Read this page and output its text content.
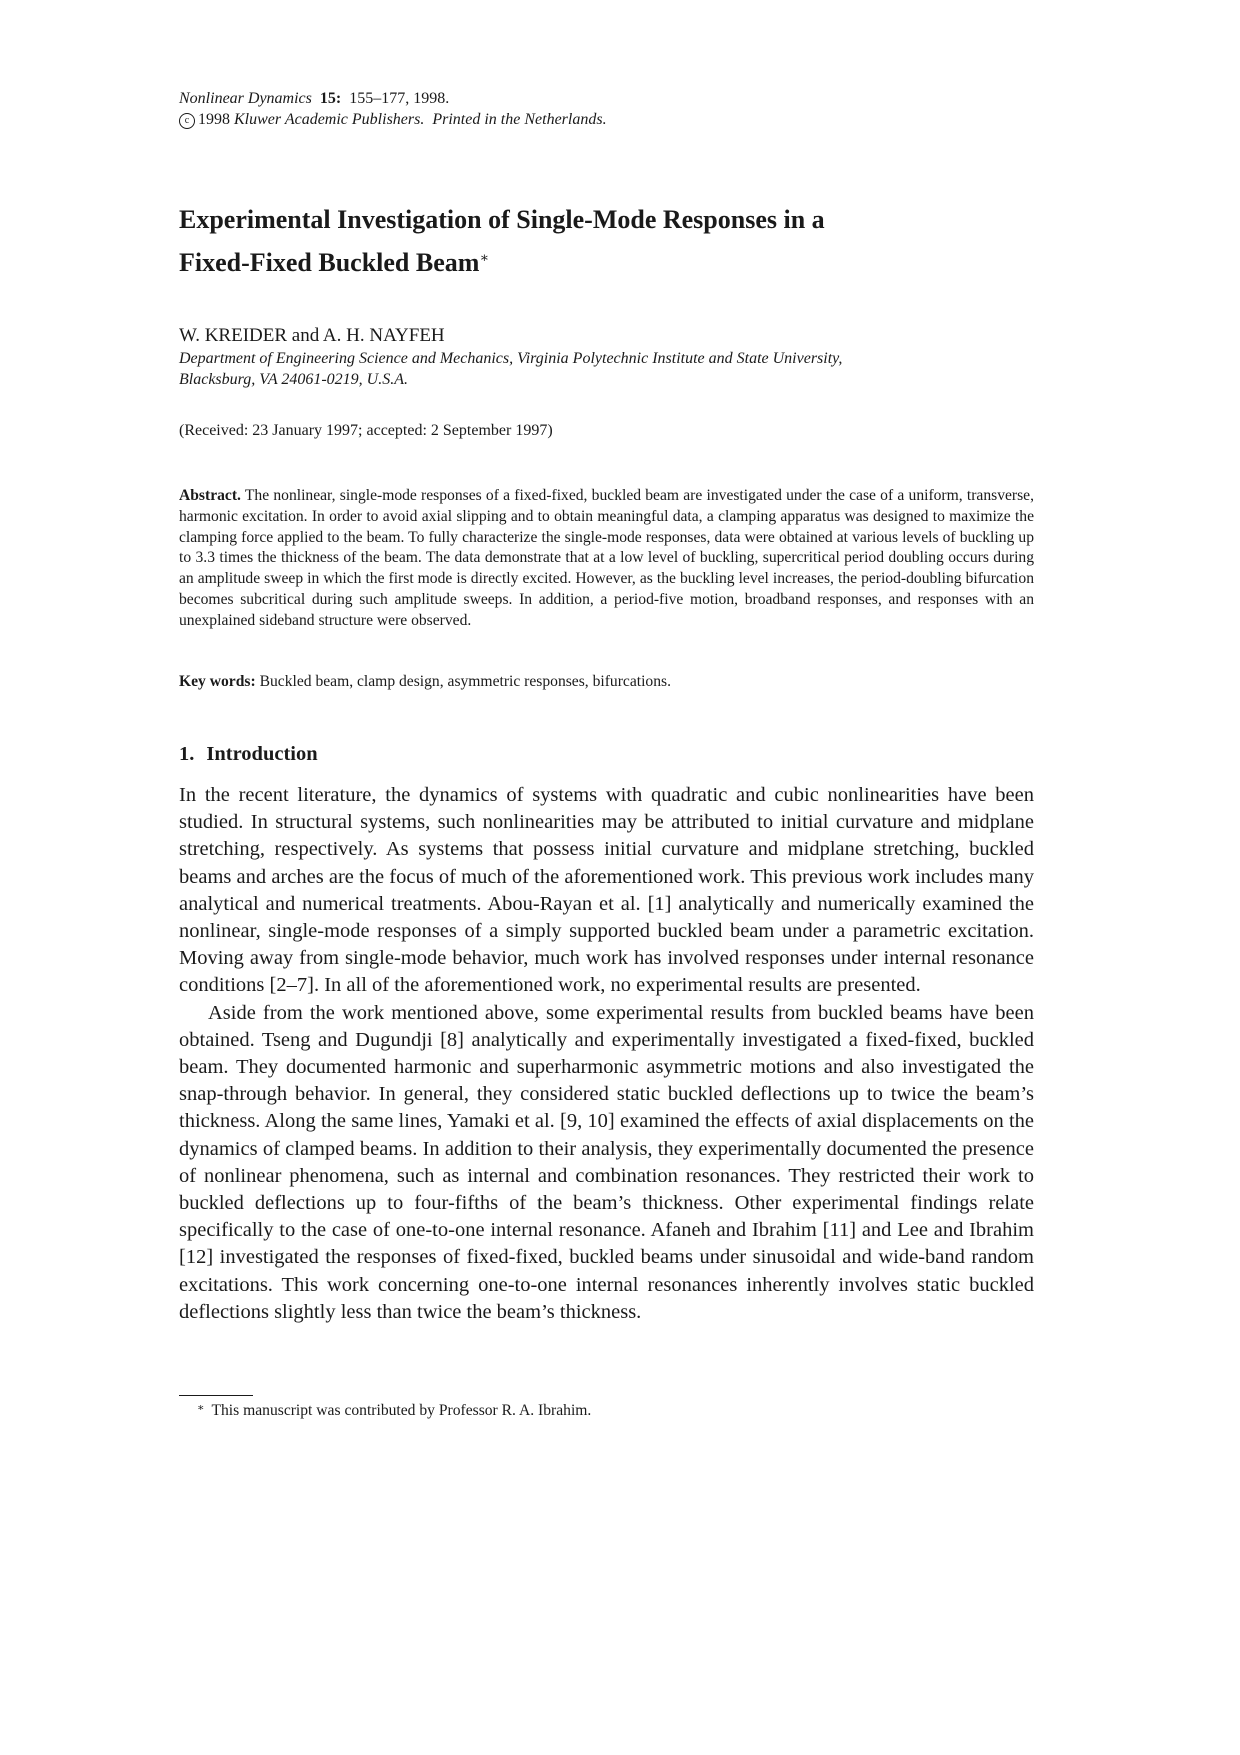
Nonlinear Dynamics 15: 155–177, 1998.
c 1998 Kluwer Academic Publishers. Printed in the Netherlands.
Experimental Investigation of Single-Mode Responses in a
Fixed-Fixed Buckled Beam∗
W. KREIDER and A. H. NAYFEH
Department of Engineering Science and Mechanics, Virginia Polytechnic Institute and State University,
Blacksburg, VA 24061-0219, U.S.A.
(Received: 23 January 1997; accepted: 2 September 1997)

Abstract. The nonlinear, single-mode responses of a fixed-fixed, buckled beam are investigated under the case of a uniform, transverse, harmonic excitation. In order to avoid axial slipping and to obtain meaningful data, a clamping apparatus was designed to maximize the clamping force applied to the beam. To fully characterize the single-mode responses, data were obtained at various levels of buckling up to 3.3 times the thickness of the beam. The data demonstrate that at a low level of buckling, supercritical period doubling occurs during an amplitude sweep in which the first mode is directly excited. However, as the buckling level increases, the period-doubling bifurcation becomes subcritical during such amplitude sweeps. In addition, a period-five motion, broadband responses, and responses with an unexplained sideband structure were observed.

Key words: Buckled beam, clamp design, asymmetric responses, bifurcations.

1. Introduction

In the recent literature, the dynamics of systems with quadratic and cubic nonlinearities have been studied. In structural systems, such nonlinearities may be attributed to initial curvature and midplane stretching, respectively. As systems that possess initial curvature and midplane stretching, buckled beams and arches are the focus of much of the aforementioned work. This previous work includes many analytical and numerical treatments. Abou-Rayan et al. [1] analytically and numerically examined the nonlinear, single-mode responses of a simply supported buckled beam under a parametric excitation. Moving away from single-mode behavior, much work has involved responses under internal resonance conditions [2–7]. In all of the aforementioned work, no experimental results are presented.

Aside from the work mentioned above, some experimental results from buckled beams have been obtained. Tseng and Dugundji [8] analytically and experimentally investigated a fixed-fixed, buckled beam. They documented harmonic and superharmonic asymmetric motions and also investigated the snap-through behavior. In general, they considered static buckled deflections up to twice the beam’s thickness. Along the same lines, Yamaki et al. [9, 10] examined the effects of axial displacements on the dynamics of clamped beams. In addition to their analysis, they experimentally documented the presence of nonlinear phenomena, such as internal and combination resonances. They restricted their work to buckled deflections up to four-fifths of the beam’s thickness. Other experimental findings relate specifically to the case of one-to-one internal resonance. Afaneh and Ibrahim [11] and Lee and Ibrahim [12] investigated the responses of fixed-fixed, buckled beams under sinusoidal and wide-band random excitations. This work concerning one-to-one internal resonances inherently involves static buckled deflections slightly less than twice the beam’s thickness.

∗ This manuscript was contributed by Professor R. A. Ibrahim.
